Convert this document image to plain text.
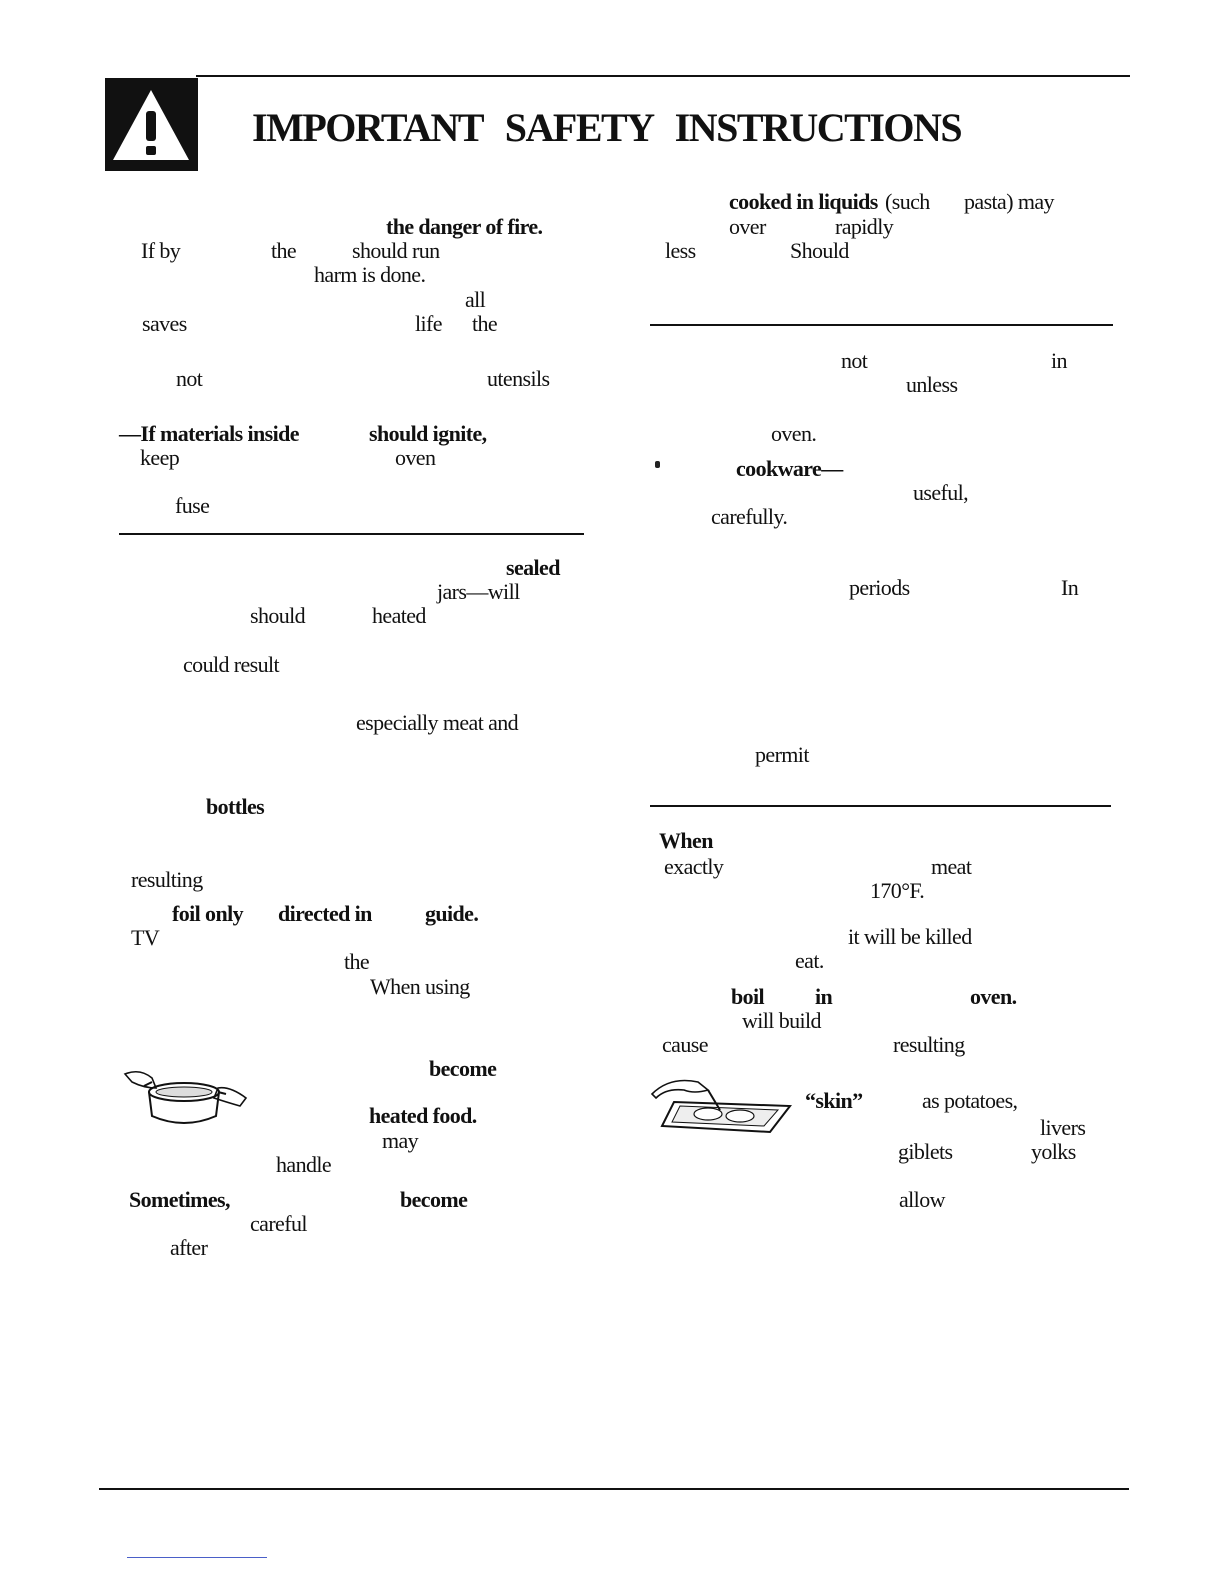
IMPORTANT SAFETY INSTRUCTIONS
the danger of fire.
If by	the	should run
harm is done.
all
saves	life the
not	utensils
—If materials inside	should ignite,
keep	oven
fuse
sealed
jars—will
should	heated
could result
especially meat and
bottles
resulting
foil only directed in guide.
TV
the
When using
become
heated food.
may
handle
Sometimes,	become
careful
after
cooked in liquids (such pasta) may
over	rapidly
less	Should
not	in
unless
oven.
cookware—
useful,
carefully.
periods	In
permit
When
exactly	meat
170°F.
it will be killed
eat.
boil in	oven.
will build
cause	resulting
“skin”	as potatoes,
livers
giblets	yolks
allow
